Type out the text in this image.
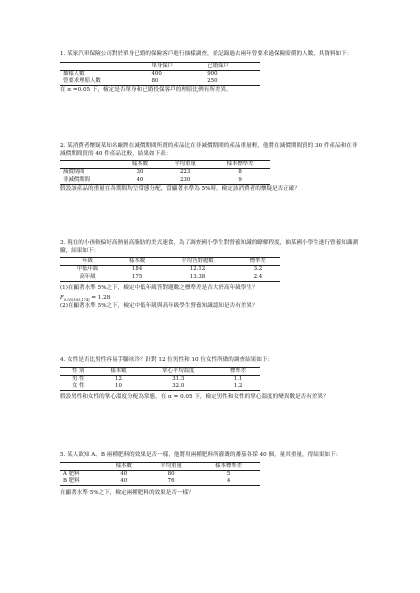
1. 某家汽車保險公司對於單身已婚的保險客戶進行抽樣調查，並記錄過去兩年曾要求過保險賠償的人數，其資料如下：

	單身保戶	已婚保戶
抽樣人數	400	900
曾要求理賠人數	80	250

在 α =0.05 下，檢定是否單身和已婚投保客戶的理賠比例有所差異。

2. 某消費者懷疑某知名廠牌在減價期間所賣的產品比在非減價期間的產品重量輕，他將在減價期間買的 30 件產品和在非減價期間買的 40 件產品比較，結果如下表：

	樣本數	平均重量	樣本標準差
減價期間	30	223	8
非減價期間	40	230	9

假設該產品的重量在各期間均呈常態分配，當顯著水準為 5%時，檢定該消費者的懷疑是否正確？

3. 現在的小孩較偏好高熱量高脂肪的美式速食，為了調查國小學生對營養知識的瞭解程度，抽某國小學生進行營養知識測驗，結果如下：

年級	樣本數	平均答對題數	標準差
中低年級	184	12.12	3.2
高年級	175	13.38	2.4

(1)在顯著水準 5%之下，檢定中低年級答對題數之標準差是否大於高年級學生？

$F_{0.05(183,174)} = 1.28$

(2)在顯著水準 5%之下，檢定中低年級與高年級學生營養知識認知是否有差異？

4. 女性是否比男性容易手腳冰冷？針對 12 位男性和 10 位女性所做的調查結果如下：

性 別	樣本數	掌心平均溫度	標準差
男 性	12	31.3	1.1
女 性	10	32.0	1.2

假設男性和女性的掌心溫度分配為常態，在 α = 0.05 下，檢定男性和女性的掌心溫度的變異數是否有差異？

5. 某人欲知 A、B 兩種肥料的效果是否一樣，他將用兩種肥料所灌溉的蕃茄各採 40 個，量其重量，得結果如下：

	樣本數	平均重量	樣本標準差
A 肥料	40	80	5
B 肥料	40	76	4

在顯著水準 5%之下，檢定兩種肥料的效果是否一樣？
